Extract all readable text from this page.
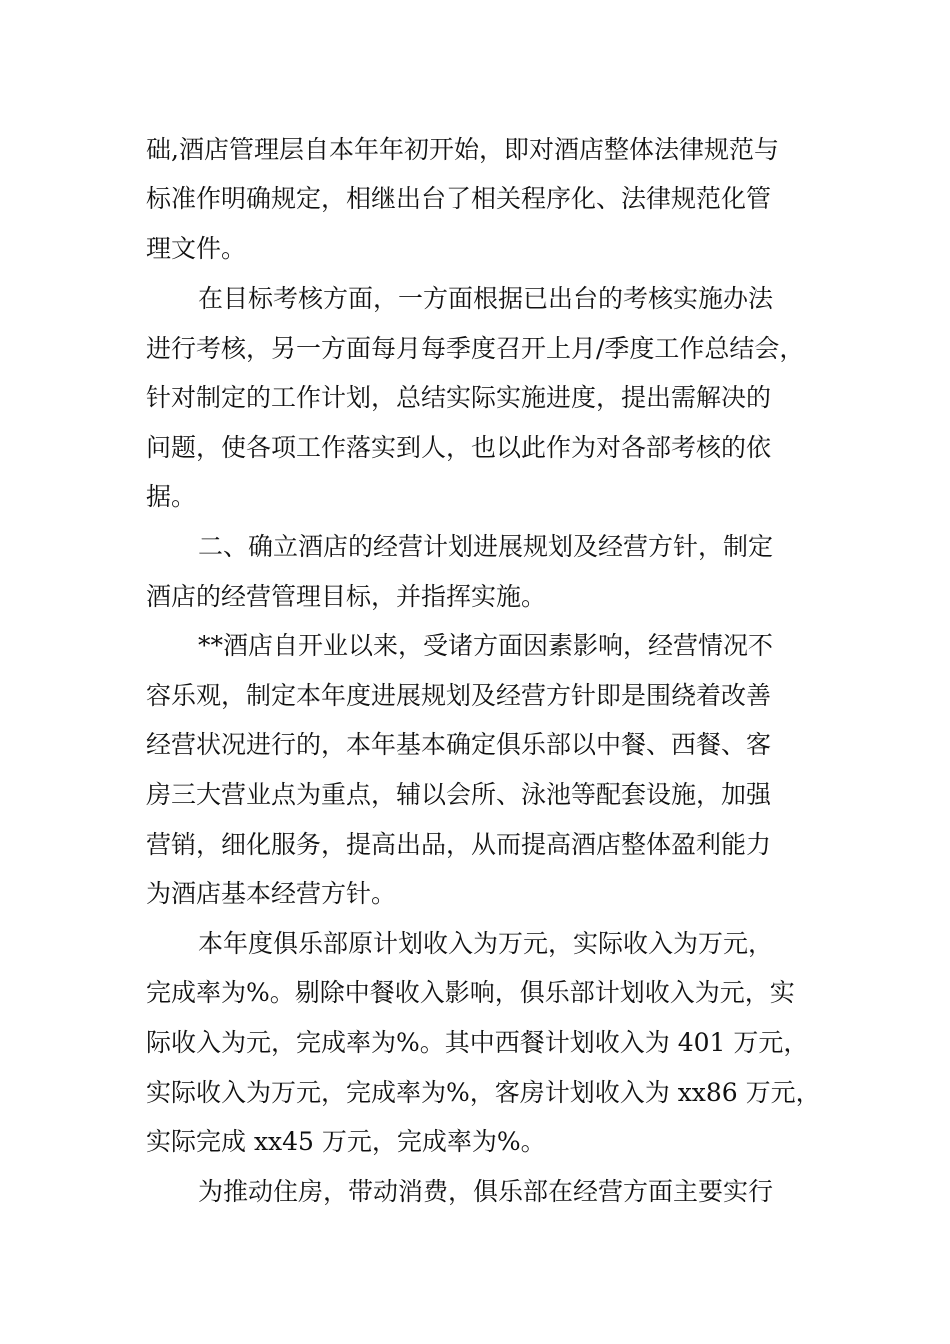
础,酒店管理层自本年年初开始，即对酒店整体法律规范与
标准作明确规定，相继出台了相关程序化、法律规范化管
理文件。
在目标考核方面，一方面根据已出台的考核实施办法
进行考核，另一方面每月每季度召开上月/季度工作总结会，
针对制定的工作计划，总结实际实施进度，提出需解决的
问题，使各项工作落实到人，也以此作为对各部考核的依
据。
二、确立酒店的经营计划进展规划及经营方针，制定
酒店的经营管理目标，并指挥实施。
**酒店自开业以来，受诸方面因素影响，经营情况不
容乐观，制定本年度进展规划及经营方针即是围绕着改善
经营状况进行的，本年基本确定俱乐部以中餐、西餐、客
房三大营业点为重点，辅以会所、泳池等配套设施，加强
营销，细化服务，提高出品，从而提高酒店整体盈利能力
为酒店基本经营方针。
本年度俱乐部原计划收入为万元，实际收入为万元，
完成率为%。剔除中餐收入影响，俱乐部计划收入为元，实
际收入为元，完成率为%。其中西餐计划收入为 401 万元，
实际收入为万元，完成率为%，客房计划收入为 xx86 万元，
实际完成 xx45 万元，完成率为%。
为推动住房，带动消费，俱乐部在经营方面主要实行
